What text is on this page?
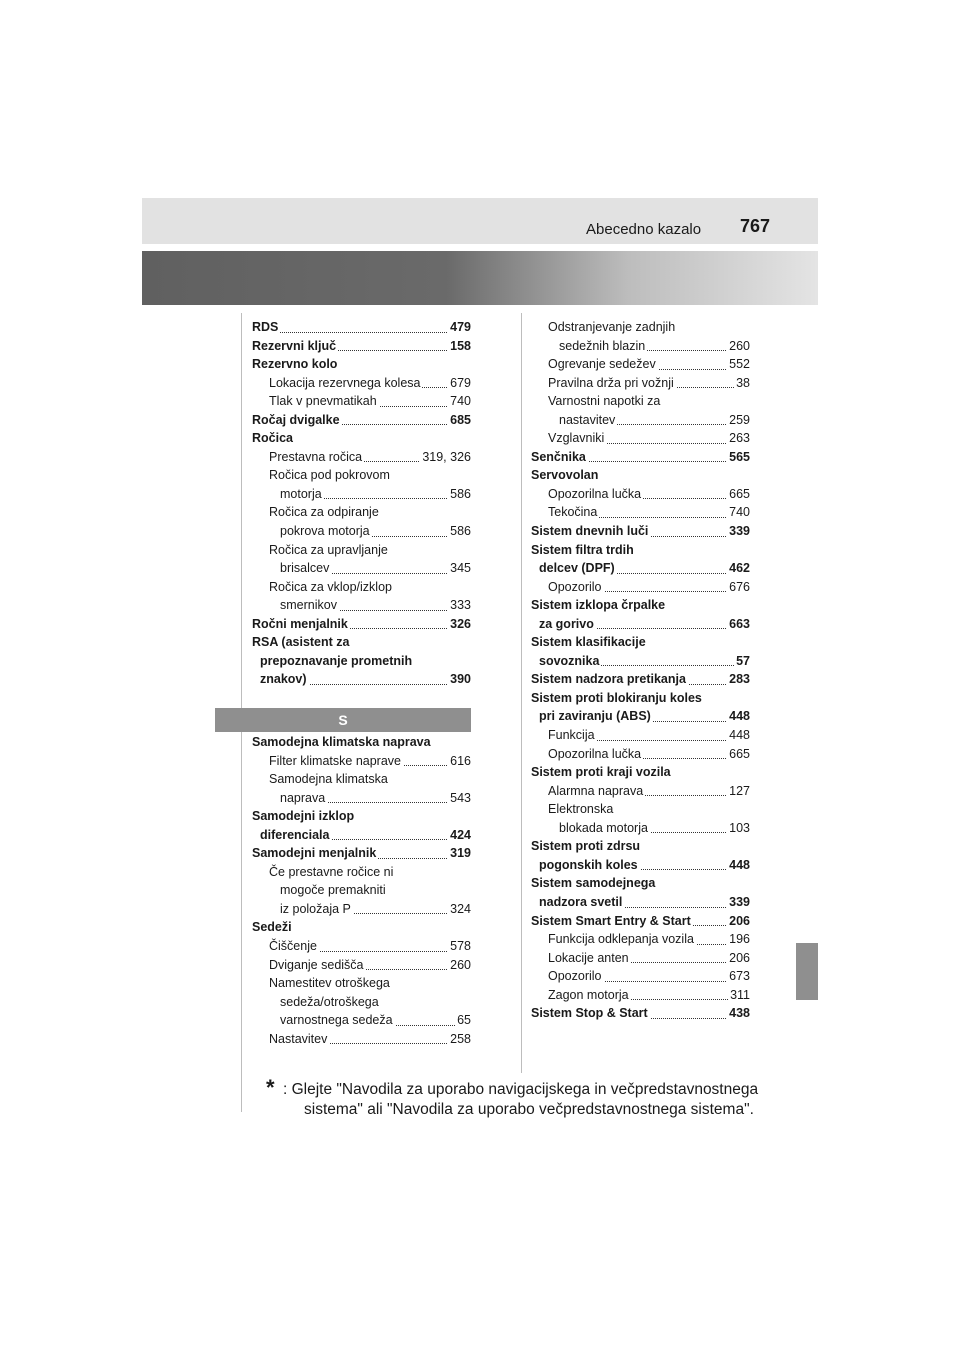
Abecedno kazalo 767
RDS	479
Rezervni ključ	158
Rezervno kolo
Lokacija rezervnega kolesa 679
Tlak v pnevmatikah	740
Ročaj dvigalke	685
Ročica
Prestavna ročica	319, 326
Ročica pod pokrovom
motorja	586
Ročica za odpiranje
pokrova motorja	586
Ročica za upravljanje
brisalcev	345
Ročica za vklop/izklop
smernikov	333
Ročni menjalnik	326
RSA (asistent za
prepoznavanje prometnih
znakov)	390
S
Samodejna klimatska naprava
Filter klimatske naprave	616
Samodejna klimatska
naprava	543
Samodejni izklop
diferenciala	424
Samodejni menjalnik	319
Če prestavne ročice ni
mogoče premakniti
iz položaja P	324
Sedeži
Čiščenje	578
Dviganje sedišča	260
Namestitev otroškega
sedeža/otroškega
varnostnega sedeža	65
Nastavitev	258
Odstranjevanje zadnjih
sedežnih blazin	260
Ogrevanje sedežev	552
Pravilna drža pri vožnji	38
Varnostni napotki za
nastavitev	259
Vzglavniki	263
Senčnika	565
Servovolan
Opozorilna lučka	665
Tekočina	740
Sistem dnevnih luči	339
Sistem filtra trdih
delcev (DPF)	462
Opozorilo	676
Sistem izklopa črpalke
za gorivo	663
Sistem klasifikacije
sovoznika	57
Sistem nadzora pretikanja	283
Sistem proti blokiranju koles
pri zaviranju (ABS)	448
Funkcija	448
Opozorilna lučka	665
Sistem proti kraji vozila
Alarmna naprava	127
Elektronska
blokada motorja	103
Sistem proti zdrsu
pogonskih koles	448
Sistem samodejnega
nadzora svetil	339
Sistem Smart Entry & Start	206
Funkcija odklepanja vozila	196
Lokacije anten	206
Opozorilo	673
Zagon motorja	311
Sistem Stop & Start	438
* : Glejte "Navodila za uporabo navigacijskega in večpredstavnostnega
sistema" ali "Navodila za uporabo večpredstavnostnega sistema".
